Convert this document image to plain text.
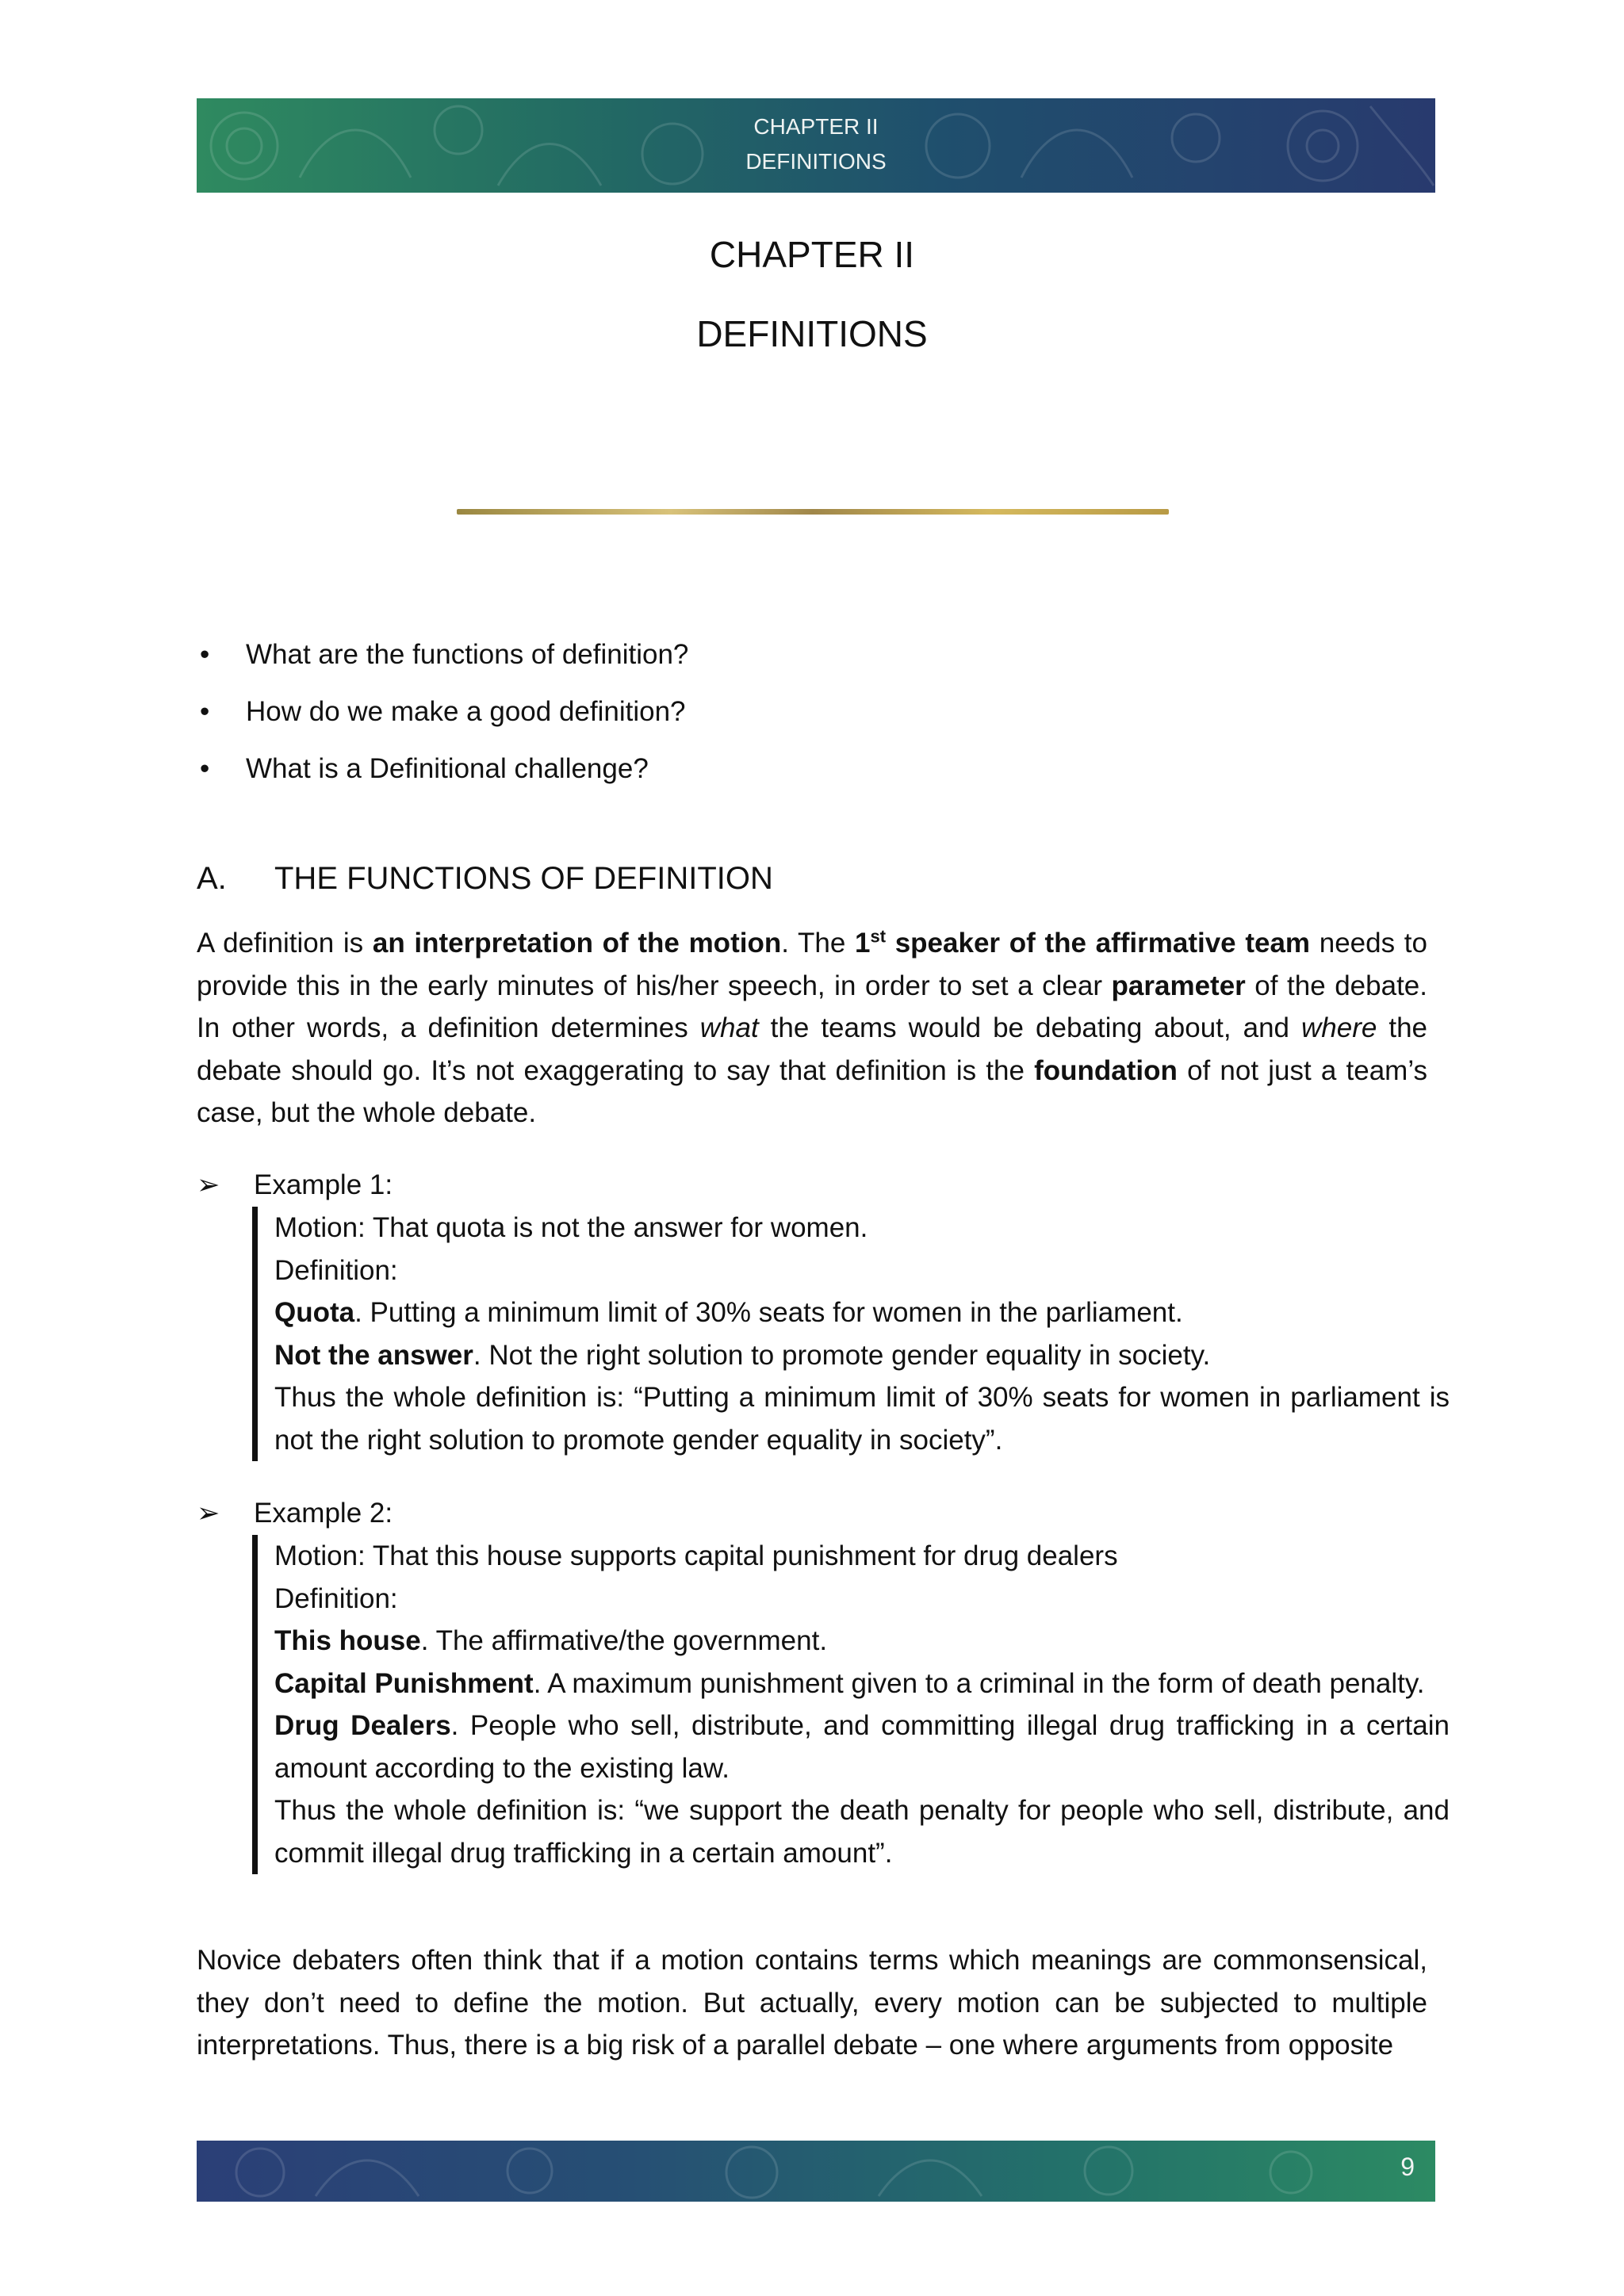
CHAPTER II
DEFINITIONS
CHAPTER II
DEFINITIONS
• What are the functions of definition?
• How do we make a good definition?
• What is a Definitional challenge?
A. THE FUNCTIONS OF DEFINITION

A definition is an interpretation of the motion. The 1st speaker of the affirmative team needs to provide this in the early minutes of his/her speech, in order to set a clear parameter of the debate. In other words, a definition determines what the teams would be debating about, and where the debate should go. It’s not exaggerating to say that definition is the foundation of not just a team’s case, but the whole debate.

➢ Example 1:
Motion: That quota is not the answer for women.
Definition:
Quota. Putting a minimum limit of 30% seats for women in the parliament.
Not the answer. Not the right solution to promote gender equality in society.
Thus the whole definition is: “Putting a minimum limit of 30% seats for women in parliament is not the right solution to promote gender equality in society”.
➢ Example 2:
Motion: That this house supports capital punishment for drug dealers
Definition:
This house. The affirmative/the government.
Capital Punishment. A maximum punishment given to a criminal in the form of death penalty.
Drug Dealers. People who sell, distribute, and committing illegal drug trafficking in a certain amount according to the existing law.
Thus the whole definition is: “we support the death penalty for people who sell, distribute, and commit illegal drug trafficking in a certain amount”.

Novice debaters often think that if a motion contains terms which meanings are commonsensical, they don’t need to define the motion. But actually, every motion can be subjected to multiple interpretations. Thus, there is a big risk of a parallel debate – one where arguments from opposite

9
